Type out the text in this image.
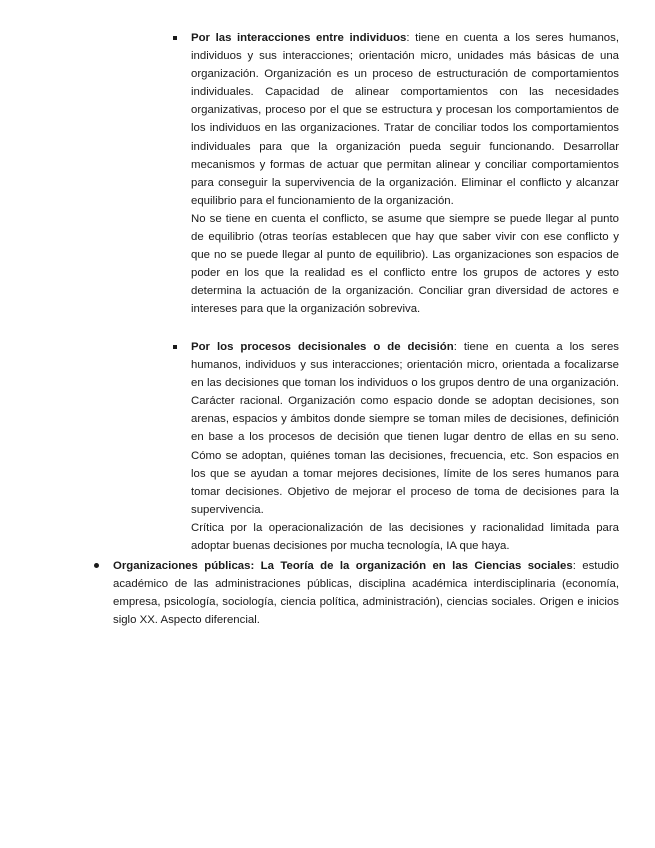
Por las interacciones entre individuos: tiene en cuenta a los seres humanos, individuos y sus interacciones; orientación micro, unidades más básicas de una organización. Organización es un proceso de estructuración de comportamientos individuales. Capacidad de alinear comportamientos con las necesidades organizativas, proceso por el que se estructura y procesan los comportamientos de los individuos en las organizaciones. Tratar de conciliar todos los comportamientos individuales para que la organización pueda seguir funcionando. Desarrollar mecanismos y formas de actuar que permitan alinear y conciliar comportamientos para conseguir la supervivencia de la organización. Eliminar el conflicto y alcanzar equilibrio para el funcionamiento de la organización.

No se tiene en cuenta el conflicto, se asume que siempre se puede llegar al punto de equilibrio (otras teorías establecen que hay que saber vivir con ese conflicto y que no se puede llegar al punto de equilibrio). Las organizaciones son espacios de poder en los que la realidad es el conflicto entre los grupos de actores y esto determina la actuación de la organización. Conciliar gran diversidad de actores e intereses para que la organización sobreviva.

Por los procesos decisionales o de decisión: tiene en cuenta a los seres humanos, individuos y sus interacciones; orientación micro, orientada a focalizarse en las decisiones que toman los individuos o los grupos dentro de una organización. Carácter racional. Organización como espacio donde se adoptan decisiones, son arenas, espacios y ámbitos donde siempre se toman miles de decisiones, definición en base a los procesos de decisión que tienen lugar dentro de ellas en su seno. Cómo se adoptan, quiénes toman las decisiones, frecuencia, etc. Son espacios en los que se ayudan a tomar mejores decisiones, límite de los seres humanos para tomar decisiones. Objetivo de mejorar el proceso de toma de decisiones para la supervivencia.

Crítica por la operacionalización de las decisiones y racionalidad limitada para adoptar buenas decisiones por mucha tecnología, IA que haya.

Organizaciones públicas: La Teoría de la organización en las Ciencias sociales: estudio académico de las administraciones públicas, disciplina académica interdisciplinaria (economía, empresa, psicología, sociología, ciencia política, administración), ciencias sociales. Origen e inicios siglo XX. Aspecto diferencial.
